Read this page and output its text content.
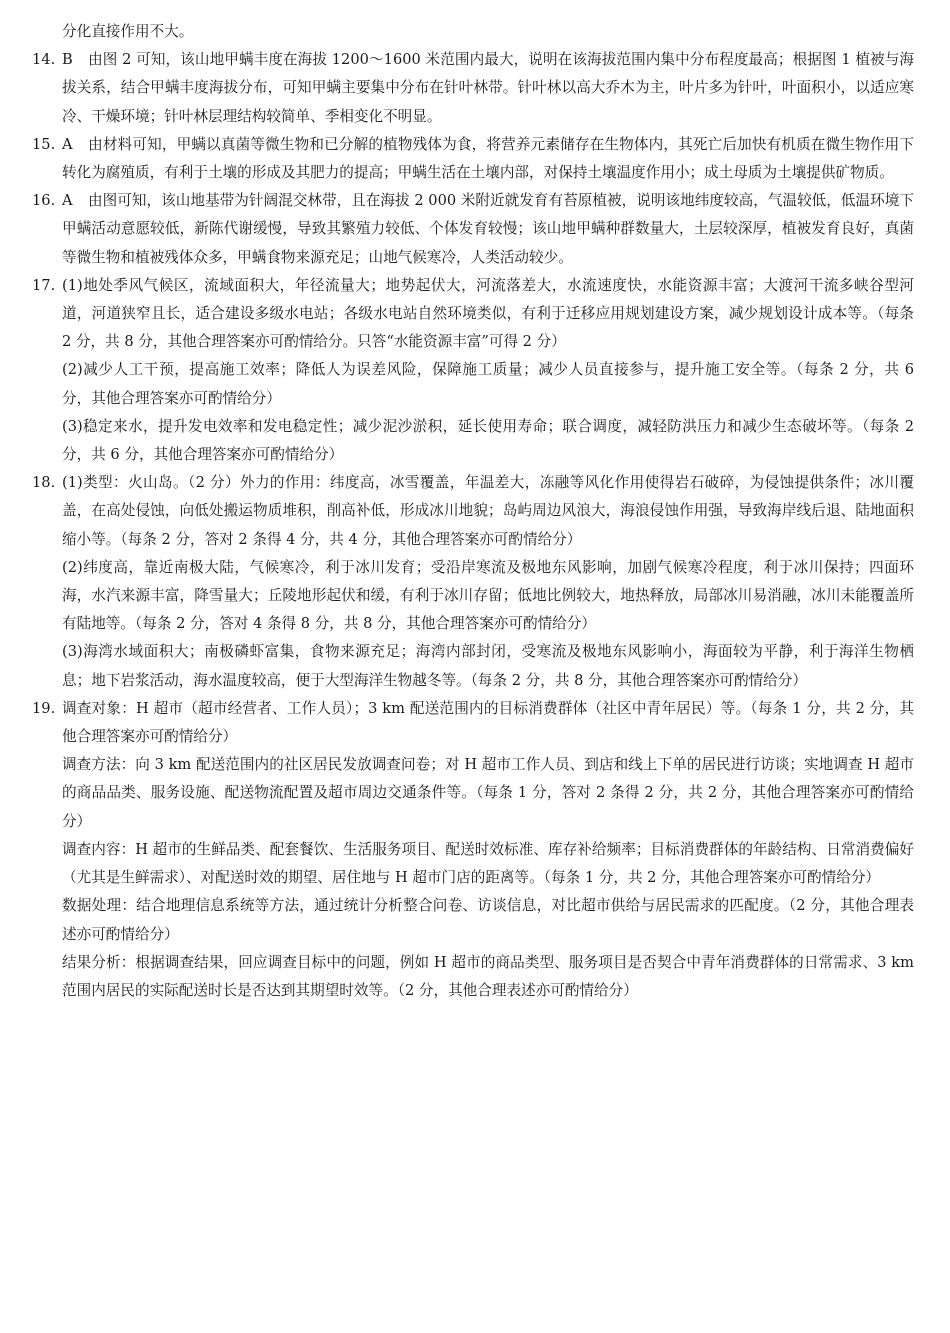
分化直接作用不大。

14. B 由图 2 可知，该山地甲螨丰度在海拔 1200～1600 米范围内最大，说明在该海拔范围内集中分布程度最高；根据图 1 植被与海拔关系，结合甲螨丰度海拔分布，可知甲螨主要集中分布在针叶林带。针叶林以高大乔木为主，叶片多为针叶，叶面积小，以适应寒冷、干燥环境；针叶林层理结构较简单、季相变化不明显。

15. A 由材料可知，甲螨以真菌等微生物和已分解的植物残体为食，将营养元素储存在生物体内，其死亡后加快有机质在微生物作用下转化为腐殖质，有利于土壤的形成及其肥力的提高；甲螨生活在土壤内部，对保持土壤温度作用小；成土母质为土壤提供矿物质。

16. A 由图可知，该山地基带为针阔混交林带，且在海拔 2 000 米附近就发育有苔原植被，说明该地纬度较高，气温较低，低温环境下甲螨活动意愿较低，新陈代谢缓慢，导致其繁殖力较低、个体发育较慢；该山地甲螨种群数量大，土层较深厚，植被发育良好，真菌等微生物和植被残体众多，甲螨食物来源充足；山地气候寒冷，人类活动较少。

17. (1)地处季风气候区，流域面积大，年径流量大；地势起伏大，河流落差大，水流速度快，水能资源丰富；大渡河干流多峡谷型河道，河道狭窄且长，适合建设多级水电站；各级水电站自然环境类似，有利于迁移应用规划建设方案，减少规划设计成本等。（每条 2 分，共 8 分，其他合理答案亦可酌情给分。只答“水能资源丰富”可得 2 分）

(2)减少人工干预，提高施工效率；降低人为误差风险，保障施工质量；减少人员直接参与，提升施工安全等。（每条 2 分，共 6 分，其他合理答案亦可酌情给分）

(3)稳定来水，提升发电效率和发电稳定性；减少泥沙淤积，延长使用寿命；联合调度，减轻防洪压力和减少生态破坏等。（每条 2 分，共 6 分，其他合理答案亦可酌情给分）

18. (1)类型：火山岛。（2 分）外力的作用：纬度高，冰雪覆盖，年温差大，冻融等风化作用使得岩石破碎，为侵蚀提供条件；冰川覆盖，在高处侵蚀，向低处搬运物质堆积，削高补低，形成冰川地貌；岛屿周边风浪大，海浪侵蚀作用强，导致海岸线后退、陆地面积缩小等。（每条 2 分，答对 2 条得 4 分，共 4 分，其他合理答案亦可酌情给分）

(2)纬度高，靠近南极大陆，气候寒冷，利于冰川发育；受沿岸寒流及极地东风影响，加剧气候寒冷程度，利于冰川保持；四面环海，水汽来源丰富，降雪量大；丘陵地形起伏和缓，有利于冰川存留；低地比例较大，地热释放，局部冰川易消融，冰川未能覆盖所有陆地等。（每条 2 分，答对 4 条得 8 分，共 8 分，其他合理答案亦可酌情给分）

(3)海湾水域面积大；南极磷虾富集，食物来源充足；海湾内部封闭，受寒流及极地东风影响小，海面较为平静，利于海洋生物栖息；地下岩浆活动，海水温度较高，便于大型海洋生物越冬等。（每条 2 分，共 8 分，其他合理答案亦可酌情给分）

19. 调查对象：H 超市（超市经营者、工作人员）；3 km 配送范围内的目标消费群体（社区中青年居民）等。（每条 1 分，共 2 分，其他合理答案亦可酌情给分）

调查方法：向 3 km 配送范围内的社区居民发放调查问卷；对 H 超市工作人员、到店和线上下单的居民进行访谈；实地调查 H 超市的商品品类、服务设施、配送物流配置及超市周边交通条件等。（每条 1 分，答对 2 条得 2 分，共 2 分，其他合理答案亦可酌情给分）

调查内容：H 超市的生鲜品类、配套餐饮、生活服务项目、配送时效标准、库存补给频率；目标消费群体的年龄结构、日常消费偏好（尤其是生鲜需求）、对配送时效的期望、居住地与 H 超市门店的距离等。（每条 1 分，共 2 分，其他合理答案亦可酌情给分）

数据处理：结合地理信息系统等方法，通过统计分析整合问卷、访谈信息，对比超市供给与居民需求的匹配度。（2 分，其他合理表述亦可酌情给分）

结果分析：根据调查结果，回应调查目标中的问题，例如 H 超市的商品类型、服务项目是否契合中青年消费群体的日常需求、3 km 范围内居民的实际配送时长是否达到其期望时效等。（2 分，其他合理表述亦可酌情给分）
